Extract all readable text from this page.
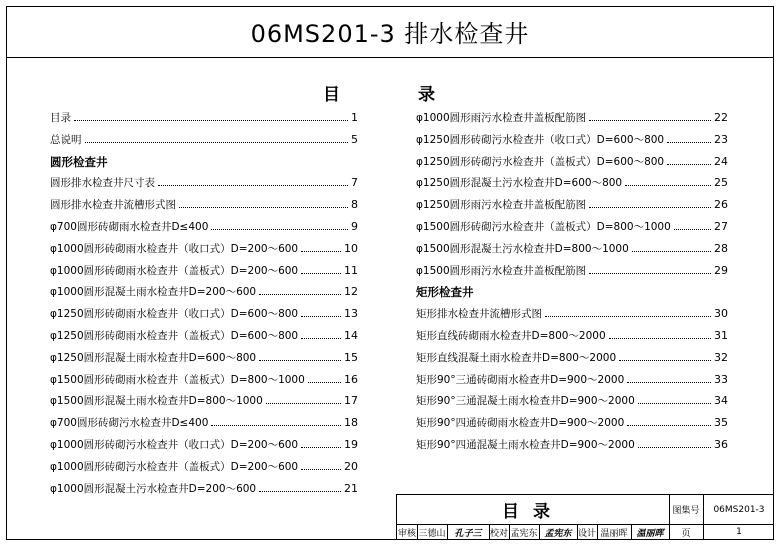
06MS201-3 排水检查井
目	录
目录	图集号	06MS201-3
审核 三德山 孔子三 校对 孟宪东 孟宪东 设计 温丽晖 温丽晖	页	1
目录	1
总说明	5
圆形检查井
圆形排水检查井尺寸表	7
圆形排水检查井流槽形式图	8
φ700圆形砖砌雨水检查井D≤400	9
φ1000圆形砖砌雨水检查井（收口式）D=200～600	10
φ1000圆形砖砌雨水检查井（盖板式）D=200～600	11
φ1000圆形混凝土雨水检查井D=200～600	12
φ1250圆形砖砌雨水检查井（收口式）D=600～800	13
φ1250圆形砖砌雨水检查井（盖板式）D=600～800	14
φ1250圆形混凝土雨水检查井D=600～800	15
φ1500圆形砖砌雨水检查井（盖板式）D=800～1000	16
φ1500圆形混凝土雨水检查井D=800～1000	17
φ700圆形砖砌污水检查井D≤400	18
φ1000圆形砖砌污水检查井（收口式）D=200～600	19
φ1000圆形砖砌污水检查井（盖板式）D=200～600	20
φ1000圆形混凝土污水检查井D=200～600	21
φ1000圆形雨污水检查井盖板配筋图	22
φ1250圆形砖砌污水检查井（收口式）D=600～800	23
φ1250圆形砖砌污水检查井（盖板式）D=600～800	24
φ1250圆形混凝土污水检查井D=600～800	25
φ1250圆形雨污水检查井盖板配筋图	26
φ1500圆形砖砌污水检查井（盖板式）D=800～1000	27
φ1500圆形混凝土污水检查井D=800～1000	28
φ1500圆形雨污水检查井盖板配筋图	29
矩形检查井
矩形排水检查井流槽形式图	30
矩形直线砖砌雨水检查井D=800～2000	31
矩形直线混凝土雨水检查井D=800～2000	32
矩形90°三通砖砌雨水检查井D=900～2000	33
矩形90°三通混凝土雨水检查井D=900～2000	34
矩形90°四通砖砌雨水检查井D=900～2000	35
矩形90°四通混凝土雨水检查井D=900～2000	36
